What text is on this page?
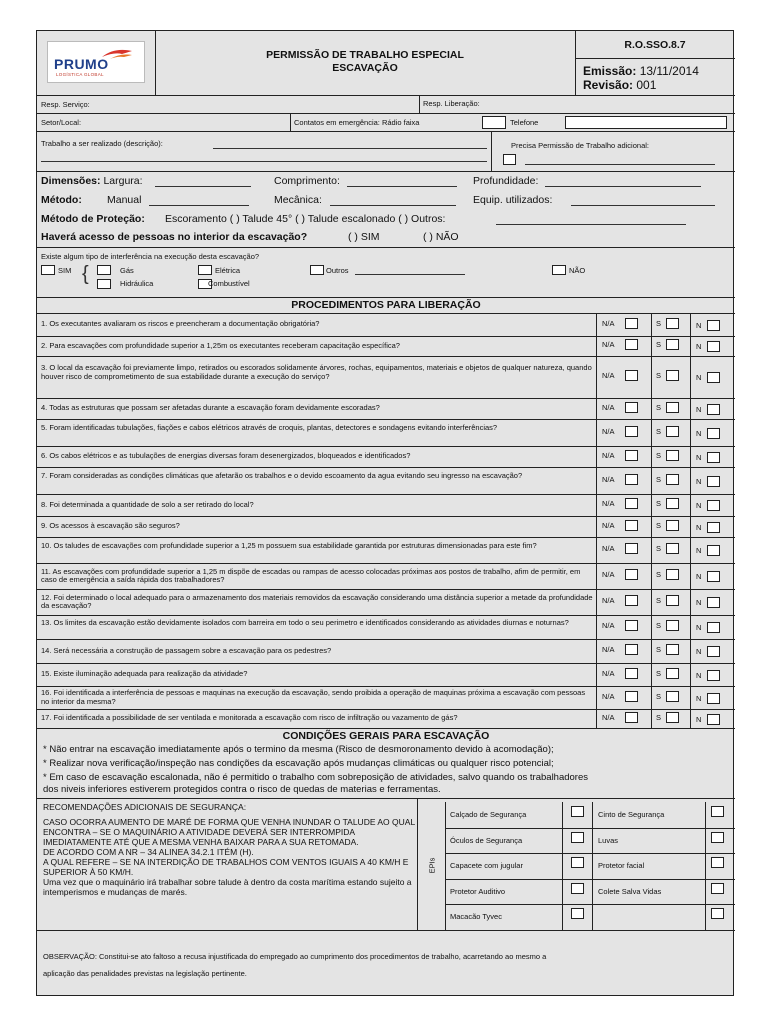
PRUMO
LOGÍSTICA GLOBAL
PERMISSÃO DE TRABALHO ESPECIAL
ESCAVAÇÃO
R.O.SSO.8.7
Emissão: 13/11/2014
Revisão: 001
Resp. Serviço:	Resp. Liberação:
Setor/Local:	Contatos em emergência: Rádio faixa	Telefone
Trabalho a ser realizado (descrição):	Precisa Permissão de Trabalho adicional:
Dimensões: Largura:	Comprimento:	Profundidade:
Método: Manual	Mecânica:	Equip. utilizados:
Método de Proteção: Escoramento ( ) Talude 45° ( ) Talude escalonado ( ) Outros:
Haverá acesso de pessoas no interior da escavação?	( ) SIM	( ) NÃO
Existe algum tipo de interferência na execução desta escavação?
SIM {	Gás	Elétrica	Outros	NÃO
Hidráulica	Combustível
PROCEDIMENTOS PARA LIBERAÇÃO
CONDIÇÕES GERAIS PARA ESCAVAÇÃO
* Não entrar na escavação imediatamente após o termino da mesma (Risco de desmoronamento devido à acomodação);
* Realizar nova verificação/inspeção nas condições da escavação após mudanças climáticas ou qualquer risco potencial;
* Em caso de escavação escalonada, não é permitido o trabalho com sobreposição de atividades, salvo quando os trabalhadores
dos niveis inferiores estiverem protegidos contra o risco de quedas de materias e ferramentas.
RECOMENDAÇÕES ADICIONAIS DE SEGURANÇA:
CASO OCORRA AUMENTO DE MARÉ DE FORMA QUE VENHA INUNDAR O TALUDE AO QUAL ENCONTRA – SE O MAQUINÁRIO A ATIVIDADE DEVERÁ SER INTERROMPIDA IMEDIATAMENTE ATÉ QUE A MESMA VENHA BAIXAR PARA A SUA RETOMADA.
DE ACORDO COM A NR – 34 ALINEA 34.2.1 ITÉM (H).
A QUAL REFERE – SE NA INTERDIÇÃO DE TRABALHOS COM VENTOS IGUAIS A 40 KM/H E SUPERIOR À 50 KM/H.
Uma vez que o maquinário irá trabalhar sobre talude à dentro da costa marítima estando sujeito a intemperismos e mudanças de marés.
EPIs
OBSERVAÇÃO: Constitui-se ato faltoso a recusa injustificada do empregado ao cumprimento dos procedimentos de trabalho, acarretando ao mesmo a
aplicação das penalidades previstas na legislação pertinente.
1. Os executantes avaliaram os riscos e preencheram a documentação obrigatória?	N/A	S	N
2. Para escavações com profundidade superior a 1,25m os executantes receberam capacitação específica?	N/A	S	N
3. O local da escavação foi previamente limpo, retirados ou escorados solidamente árvores, rochas, equipamentos, materiais e objetos de qualquer natureza, quando houver risco de comprometimento de sua estabilidade durante a execução do serviço?	N/A	S	N
4. Todas as estruturas que possam ser afetadas durante a escavação foram devidamente escoradas?	N/A	S	N
5. Foram identificadas tubulações, fiações e cabos elétricos através de croquis, plantas, detectores e sondagens evitando interferências?	N/A	S	N
6. Os cabos elétricos e as tubulações de energias diversas foram desenergizados, bloqueados e identificados?	N/A	S	N
7. Foram consideradas as condições climáticas que afetarão os trabalhos e o devido escoamento da agua evitando seu ingresso na escavação?	N/A	S	N
8. Foi determinada a quantidade de solo a ser retirado do local?	N/A	S	N
9. Os acessos à escavação são seguros?	N/A	S	N
10. Os taludes de escavações com profundidade superior a 1,25 m possuem sua estabilidade garantida por estruturas dimensionadas para este fim?	N/A	S	N
11. As escavações com profundidade superior a 1,25 m dispõe de escadas ou rampas de acesso colocadas próximas aos postos de trabalho, afim de permitir, em caso de emergência a saída rápida dos trabalhadores?
N/A	S	N
12. Foi determinado o local adequado para o armazenamento dos materiais removidos da escavação considerando uma distância superior a metade da profundidade da escavação?
N/A	S	N
13. Os limites da escavação estão devidamente isolados com barreira em todo o seu perimetro e identificados considerando as atividades diurnas e noturnas?	N/A	S	N
14. Será necessária a construção de passagem sobre a escavação para os pedestres?	N/A	S	N
15. Existe iluminação adequada para realização da atividade?	N/A	S	N
16. Foi identificada a interferência de pessoas e maquinas na execução da escavação, sendo proibida a operação de maquinas próxima a escavação com pessoas no interior da mesma?	N/A	S	N
17. Foi identificada a possibilidade de ser ventilada e monitorada a escavação com risco de infiltração ou vazamento de gás?	N/A	S	N
Calçado de Segurança	Cinto de Segurança
Óculos de Segurança	Luvas
Capacete com jugular	Protetor facial
Protetor Auditivo	Colete Salva Vidas
Macacão Tyvec
